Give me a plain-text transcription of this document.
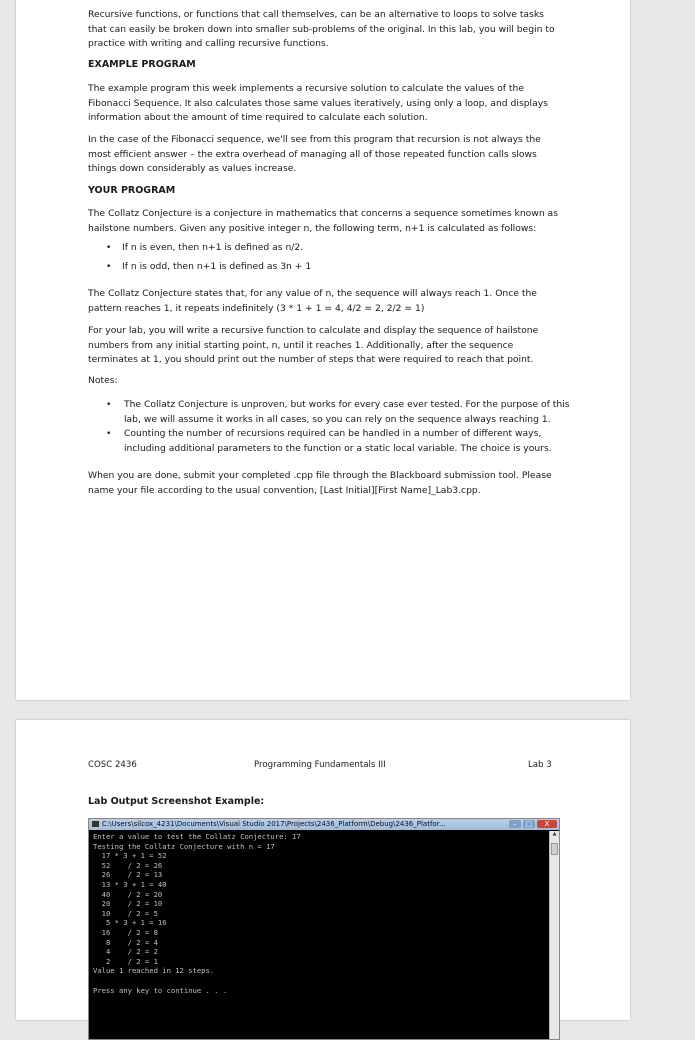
Recursive functions, or functions that call themselves, can be an alternative to loops to solve tasks that can easily be broken down into smaller sub-problems of the original. In this lab, you will begin to practice with writing and calling recursive functions.

EXAMPLE PROGRAM

The example program this week implements a recursive solution to calculate the values of the Fibonacci Sequence. It also calculates those same values iteratively, using only a loop, and displays information about the amount of time required to calculate each solution.

In the case of the Fibonacci sequence, we'll see from this program that recursion is not always the most efficient answer – the extra overhead of managing all of those repeated function calls slows things down considerably as values increase.

YOUR PROGRAM

The Collatz Conjecture is a conjecture in mathematics that concerns a sequence sometimes known as hailstone numbers. Given any positive integer n, the following term, n+1 is calculated as follows:

• If n is even, then n+1 is defined as n/2.
• If n is odd, then n+1 is defined as 3n + 1

The Collatz Conjecture states that, for any value of n, the sequence will always reach 1. Once the pattern reaches 1, it repeats indefinitely (3 * 1 + 1 = 4, 4/2 = 2, 2/2 = 1)

For your lab, you will write a recursive function to calculate and display the sequence of hailstone numbers from any initial starting point, n, until it reaches 1. Additionally, after the sequence terminates at 1, you should print out the number of steps that were required to reach that point.

Notes:

• The Collatz Conjecture is unproven, but works for every case ever tested. For the purpose of this lab, we will assume it works in all cases, so you can rely on the sequence always reaching 1.
• Counting the number of recursions required can be handled in a number of different ways, including additional parameters to the function or a static local variable. The choice is yours.

When you are done, submit your completed .cpp file through the Blackboard submission tool. Please name your file according to the usual convention, [Last Initial][First Name]_Lab3.cpp.

COSC 2436	Programming Fundamentals III	Lab 3
Lab Output Screenshot Example:
C:\Users\silcox_4231\Documents\Visual Studio 2017\Projects\2436_Platform\Debug\2436_Platfor...	–	□	X
Enter a value to test the Collatz Conjecture: 17
Testing the Collatz Conjecture with n = 17
17 * 3 + 1 = 52
52    / 2 = 26
26    / 2 = 13
13 * 3 + 1 = 40
40    / 2 = 20
20    / 2 = 10
10    / 2 = 5
5 * 3 + 1 = 16
16    / 2 = 8
8    / 2 = 4
4    / 2 = 2
2    / 2 = 1
Value 1 reached in 12 steps.

Press any key to continue . . .
▲
